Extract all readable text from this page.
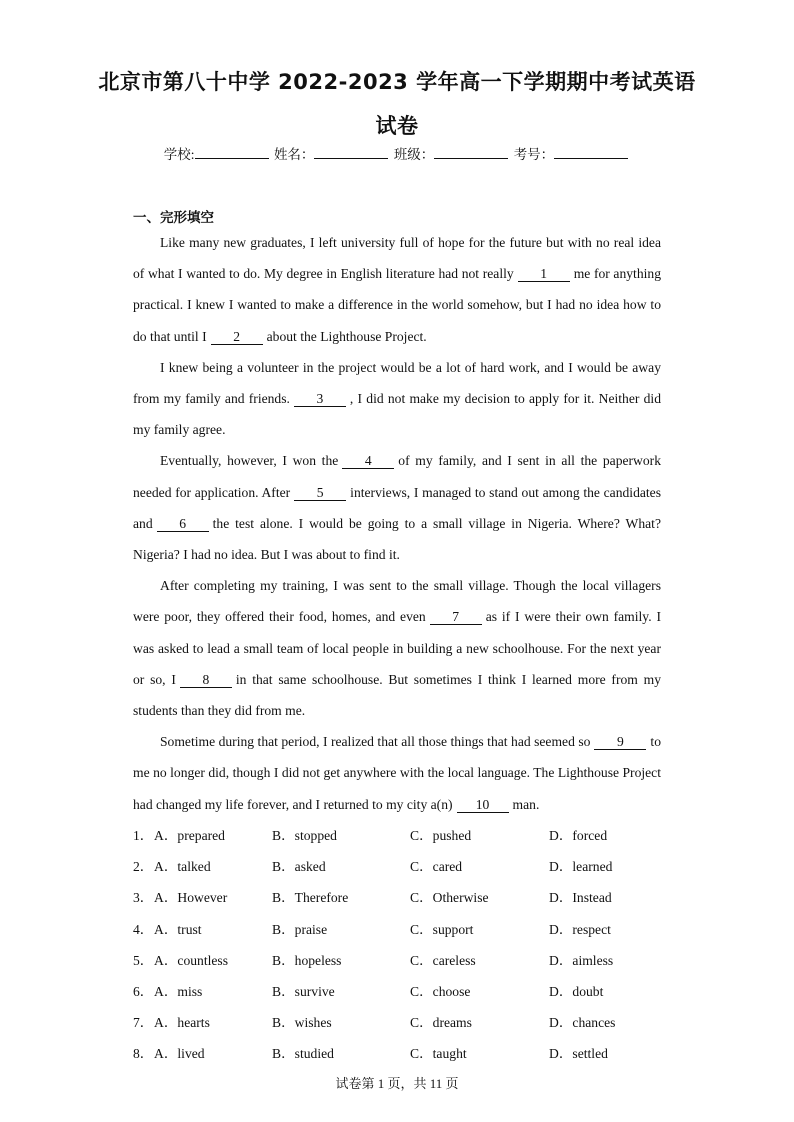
北京市第八十中学 2022-2023 学年高一下学期期中考试英语
试卷
学校:	姓名：	班级：	考号：
一、完形填空

Like many new graduates, I left university full of hope for the future but with no real idea of what I wanted to do. My degree in English literature had not really 1 me for anything practical. I knew I wanted to make a difference in the world somehow, but I had no idea how to do that until I 2 about the Lighthouse Project.

I knew being a volunteer in the project would be a lot of hard work, and I would be away from my family and friends. 3 , I did not make my decision to apply for it. Neither did my family agree.

Eventually, however, I won the 4 of my family, and I sent in all the paperwork needed for application. After 5 interviews, I managed to stand out among the candidates and 6 the test alone. I would be going to a small village in Nigeria. Where? What? Nigeria? I had no idea. But I was about to find it.

After completing my training, I was sent to the small village. Though the local villagers were poor, they offered their food, homes, and even 7 as if I were their own family. I was asked to lead a small team of local people in building a new schoolhouse. For the next year or so, I 8 in that same schoolhouse. But sometimes I think I learned more from my students than they did from me.

Sometime during that period, I realized that all those things that had seemed so 9 to me no longer did, though I did not get anywhere with the local language. The Lighthouse Project had changed my life forever, and I returned to my city a(n) 10 man.

1． A．prepared	B．stopped	C．pushed	D．forced
2． A．talked	B．asked	C．cared	D．learned
3． A．However	B．Therefore	C．Otherwise	D．Instead
4． A．trust	B．praise	C．support	D．respect
5． A．countless	B．hopeless	C．careless	D．aimless
6． A．miss	B．survive	C．choose	D．doubt
7． A．hearts	B．wishes	C．dreams	D．chances
8． A．lived	B．studied	C．taught	D．settled
试卷第 1 页，共 11 页
